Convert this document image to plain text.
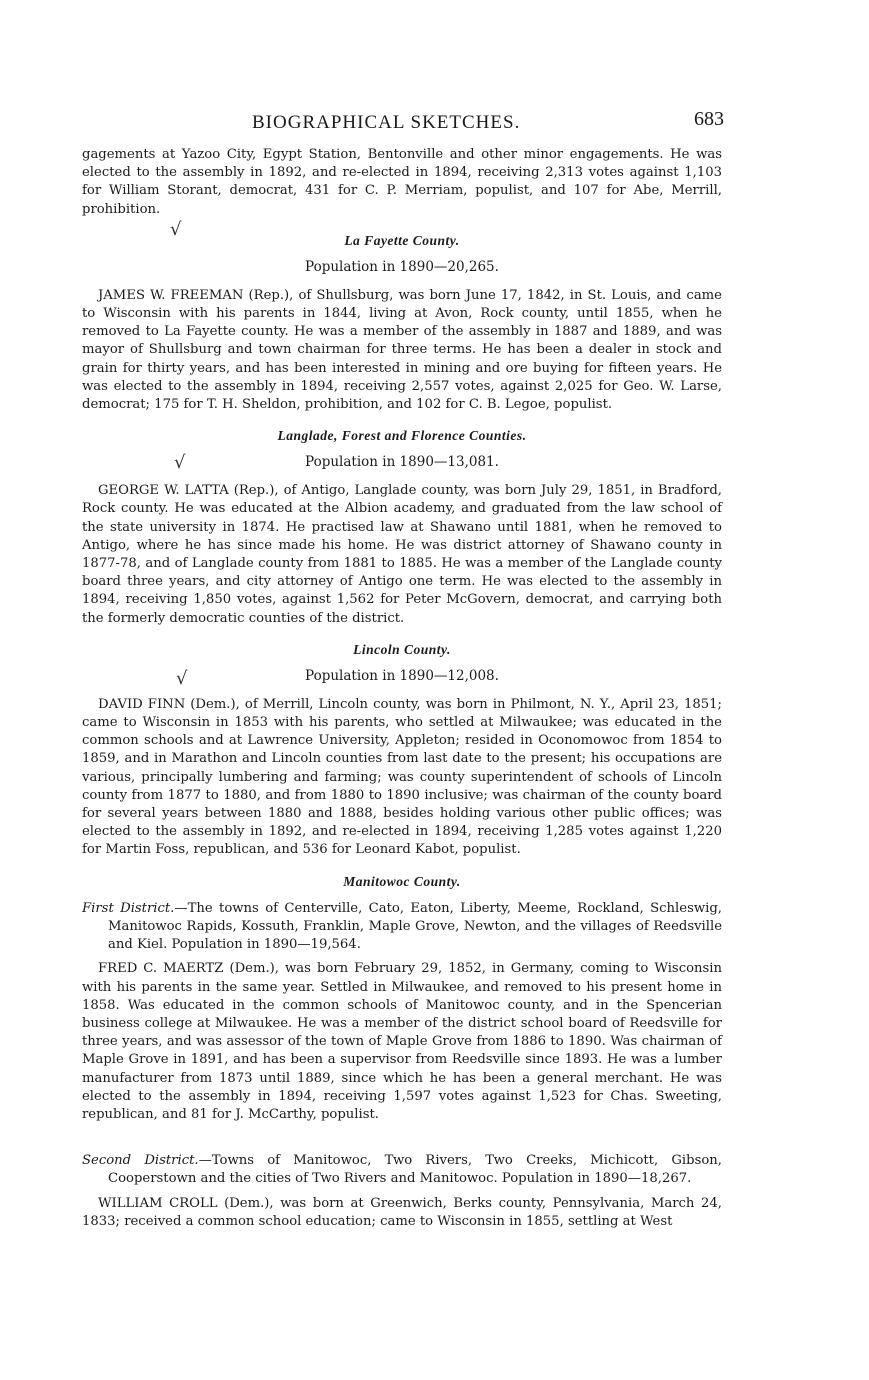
BIOGRAPHICAL SKETCHES.	683

gagements at Yazoo City, Egypt Station, Bentonville and other minor engagements. He was elected to the assembly in 1892, and re-elected in 1894, receiving 2,313 votes against 1,103 for William Storant, democrat, 431 for C. P. Merriam, populist, and 107 for Abe, Merrill, prohibition.

La Fayette County.
√
Population in 1890—20,265.

JAMES W. FREEMAN (Rep.), of Shullsburg, was born June 17, 1842, in St. Louis, and came to Wisconsin with his parents in 1844, living at Avon, Rock county, until 1855, when he removed to La Fayette county. He was a member of the assembly in 1887 and 1889, and was mayor of Shullsburg and town chairman for three terms. He has been a dealer in stock and grain for thirty years, and has been interested in mining and ore buying for fifteen years. He was elected to the assembly in 1894, receiving 2,557 votes, against 2,025 for Geo. W. Larse, democrat; 175 for T. H. Sheldon, prohibition, and 102 for C. B. Legoe, populist.

Langlade, Forest and Florence Counties.
√	Population in 1890—13,081.

GEORGE W. LATTA (Rep.), of Antigo, Langlade county, was born July 29, 1851, in Bradford, Rock county. He was educated at the Albion academy, and graduated from the law school of the state university in 1874. He practised law at Shawano until 1881, when he removed to Antigo, where he has since made his home. He was district attorney of Shawano county in 1877-78, and of Langlade county from 1881 to 1885. He was a member of the Langlade county board three years, and city attorney of Antigo one term. He was elected to the assembly in 1894, receiving 1,850 votes, against 1,562 for Peter McGovern, democrat, and carrying both the formerly democratic counties of the district.

Lincoln County.
√	Population in 1890—12,008.

DAVID FINN (Dem.), of Merrill, Lincoln county, was born in Philmont, N. Y., April 23, 1851; came to Wisconsin in 1853 with his parents, who settled at Milwaukee; was educated in the common schools and at Lawrence University, Appleton; resided in Oconomowoc from 1854 to 1859, and in Marathon and Lincoln counties from last date to the present; his occupations are various, principally lumbering and farming; was county superintendent of schools of Lincoln county from 1877 to 1880, and from 1880 to 1890 inclusive; was chairman of the county board for several years between 1880 and 1888, besides holding various other public offices; was elected to the assembly in 1892, and re-elected in 1894, receiving 1,285 votes against 1,220 for Martin Foss, republican, and 536 for Leonard Kabot, populist.

Manitowoc County.

First District.—The towns of Centerville, Cato, Eaton, Liberty, Meeme, Rockland, Schleswig, Manitowoc Rapids, Kossuth, Franklin, Maple Grove, Newton, and the villages of Reedsville and Kiel. Population in 1890—19,564.

FRED C. MAERTZ (Dem.), was born February 29, 1852, in Germany, coming to Wisconsin with his parents in the same year. Settled in Milwaukee, and removed to his present home in 1858. Was educated in the common schools of Manitowoc county, and in the Spencerian business college at Milwaukee. He was a member of the district school board of Reedsville for three years, and was assessor of the town of Maple Grove from 1886 to 1890. Was chairman of Maple Grove in 1891, and has been a supervisor from Reedsville since 1893. He was a lumber manufacturer from 1873 until 1889, since which he has been a general merchant. He was elected to the assembly in 1894, receiving 1,597 votes against 1,523 for Chas. Sweeting, republican, and 81 for J. McCarthy, populist.

Second District.—Towns of Manitowoc, Two Rivers, Two Creeks, Michicott, Gibson, Cooperstown and the cities of Two Rivers and Manitowoc. Population in 1890—18,267.

WILLIAM CROLL (Dem.), was born at Greenwich, Berks county, Pennsylvania, March 24, 1833; received a common school education; came to Wisconsin in 1855, settling at West
